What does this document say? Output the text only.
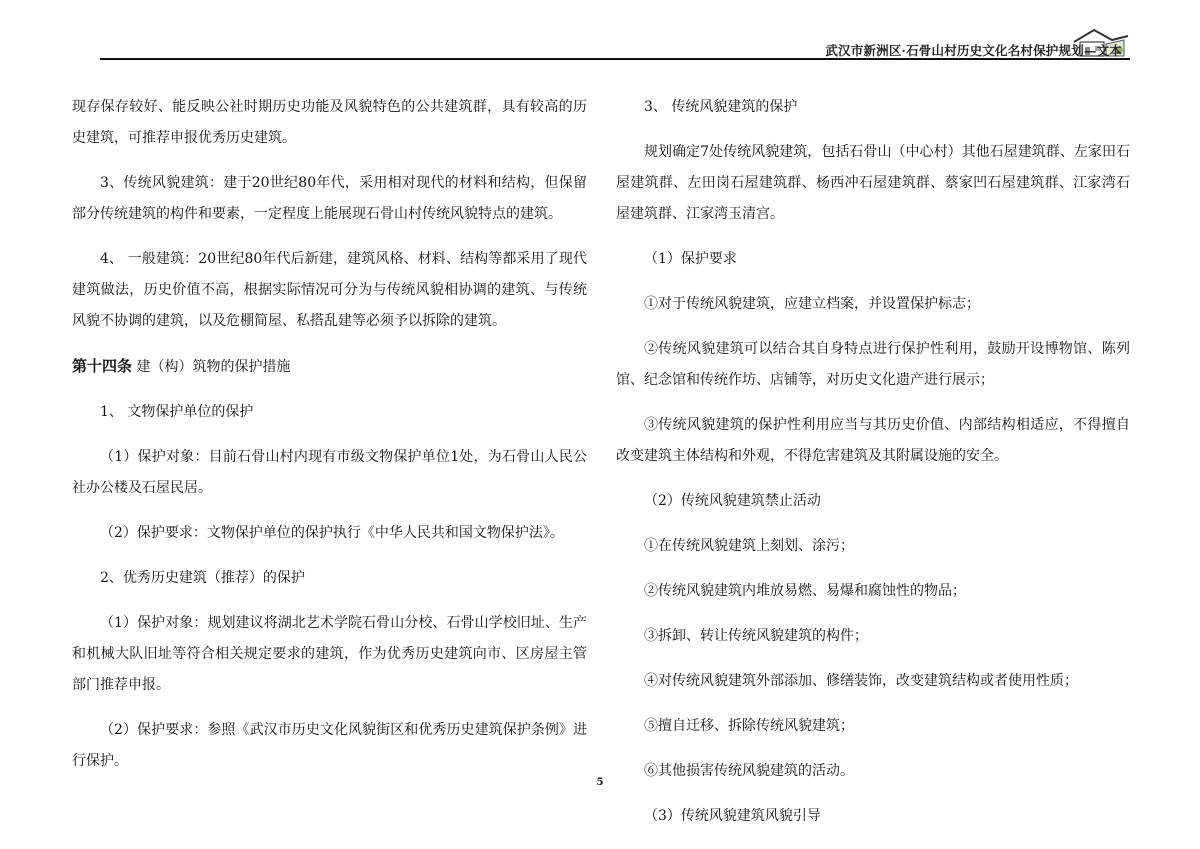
武汉市新洲区·石骨山村历史文化名村保护规划—文本

现存保存较好、能反映公社时期历史功能及风貌特色的公共建筑群，具有较高的历史建筑，可推荐申报优秀历史建筑。

3、传统风貌建筑：建于20世纪80年代，采用相对现代的材料和结构，但保留部分传统建筑的构件和要素，一定程度上能展现石骨山村传统风貌特点的建筑。

4、 一般建筑：20世纪80年代后新建，建筑风格、材料、结构等都采用了现代建筑做法，历史价值不高，根据实际情况可分为与传统风貌相协调的建筑、与传统风貌不协调的建筑，以及危棚简屋、私搭乱建等必须予以拆除的建筑。

第十四条 建（构）筑物的保护措施

1、 文物保护单位的保护

（1）保护对象：目前石骨山村内现有市级文物保护单位1处，为石骨山人民公社办公楼及石屋民居。

（2）保护要求：文物保护单位的保护执行《中华人民共和国文物保护法》。

2、优秀历史建筑（推荐）的保护

（1）保护对象：规划建议将湖北艺术学院石骨山分校、石骨山学校旧址、生产和机械大队旧址等符合相关规定要求的建筑，作为优秀历史建筑向市、区房屋主管部门推荐申报。

（2）保护要求：参照《武汉市历史文化风貌街区和优秀历史建筑保护条例》进行保护。

3、 传统风貌建筑的保护

规划确定7处传统风貌建筑，包括石骨山（中心村）其他石屋建筑群、左家田石屋建筑群、左田岗石屋建筑群、杨西冲石屋建筑群、蔡家凹石屋建筑群、江家湾石屋建筑群、江家湾玉清宫。

（1）保护要求

①对于传统风貌建筑，应建立档案，并设置保护标志；

②传统风貌建筑可以结合其自身特点进行保护性利用，鼓励开设博物馆、陈列馆、纪念馆和传统作坊、店铺等，对历史文化遗产进行展示；

③传统风貌建筑的保护性利用应当与其历史价值、内部结构相适应，不得擅自改变建筑主体结构和外观，不得危害建筑及其附属设施的安全。

（2）传统风貌建筑禁止活动

①在传统风貌建筑上刻划、涂污；

②传统风貌建筑内堆放易燃、易爆和腐蚀性的物品；

③拆卸、转让传统风貌建筑的构件；

④对传统风貌建筑外部添加、修缮装饰，改变建筑结构或者使用性质；

⑤擅自迁移、拆除传统风貌建筑；

⑥其他损害传统风貌建筑的活动。

（3）传统风貌建筑风貌引导

5
